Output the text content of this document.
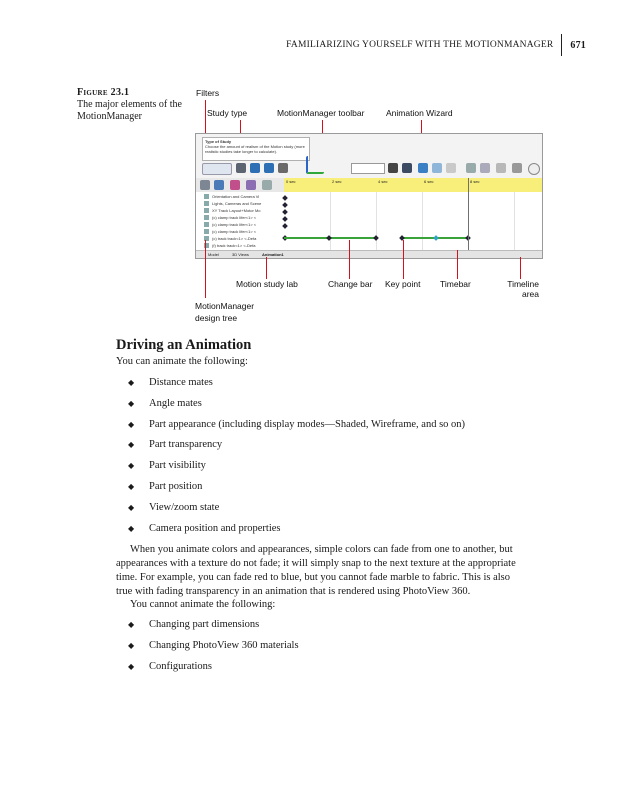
FAMILIARIZING YOURSELF WITH THE MOTIONMANAGER 671
Figure 23.1
The major elements of the MotionManager
Filters
Study type	MotionManager toolbar	Animation Wizard
Type of Study
Choose the amount of realism of the Motion study (more realistic studies take longer to calculate).
Orientation and Camera Vi
Lights, Cameras and Scene
XY Track Layout+Motor Mo
(c) clamp track lifer<1> <
(c) clamp track lifer<1> <
(c) clamp track lifer<1> <
(c) track track<1> <-Defa
(f) track track<1> <-Defa
0 sec	2 sec	4 sec	6 sec	8 sec
Model	3D Views	Animation1
Motion study lab	Change bar Key point Timebar	Timeline
area
MotionManager
design tree
Driving an Animation

You can animate the following:

◆	Distance mates
◆	Angle mates
◆	Part appearance (including display modes—Shaded, Wireframe, and so on)
◆	Part transparency
◆	Part visibility
◆	Part position
◆	View/zoom state
◆	Camera position and properties
When you animate colors and appearances, simple colors can fade from one to another, but
appearances with a texture do not fade; it will simply snap to the next texture at the appropriate
time. For example, you can fade red to blue, but you cannot fade marble to fabric. This is also
true with fading transparency in an animation that is rendered using PhotoView 360.

You cannot animate the following:

◆	Changing part dimensions
◆	Changing PhotoView 360 materials
◆	Configurations
